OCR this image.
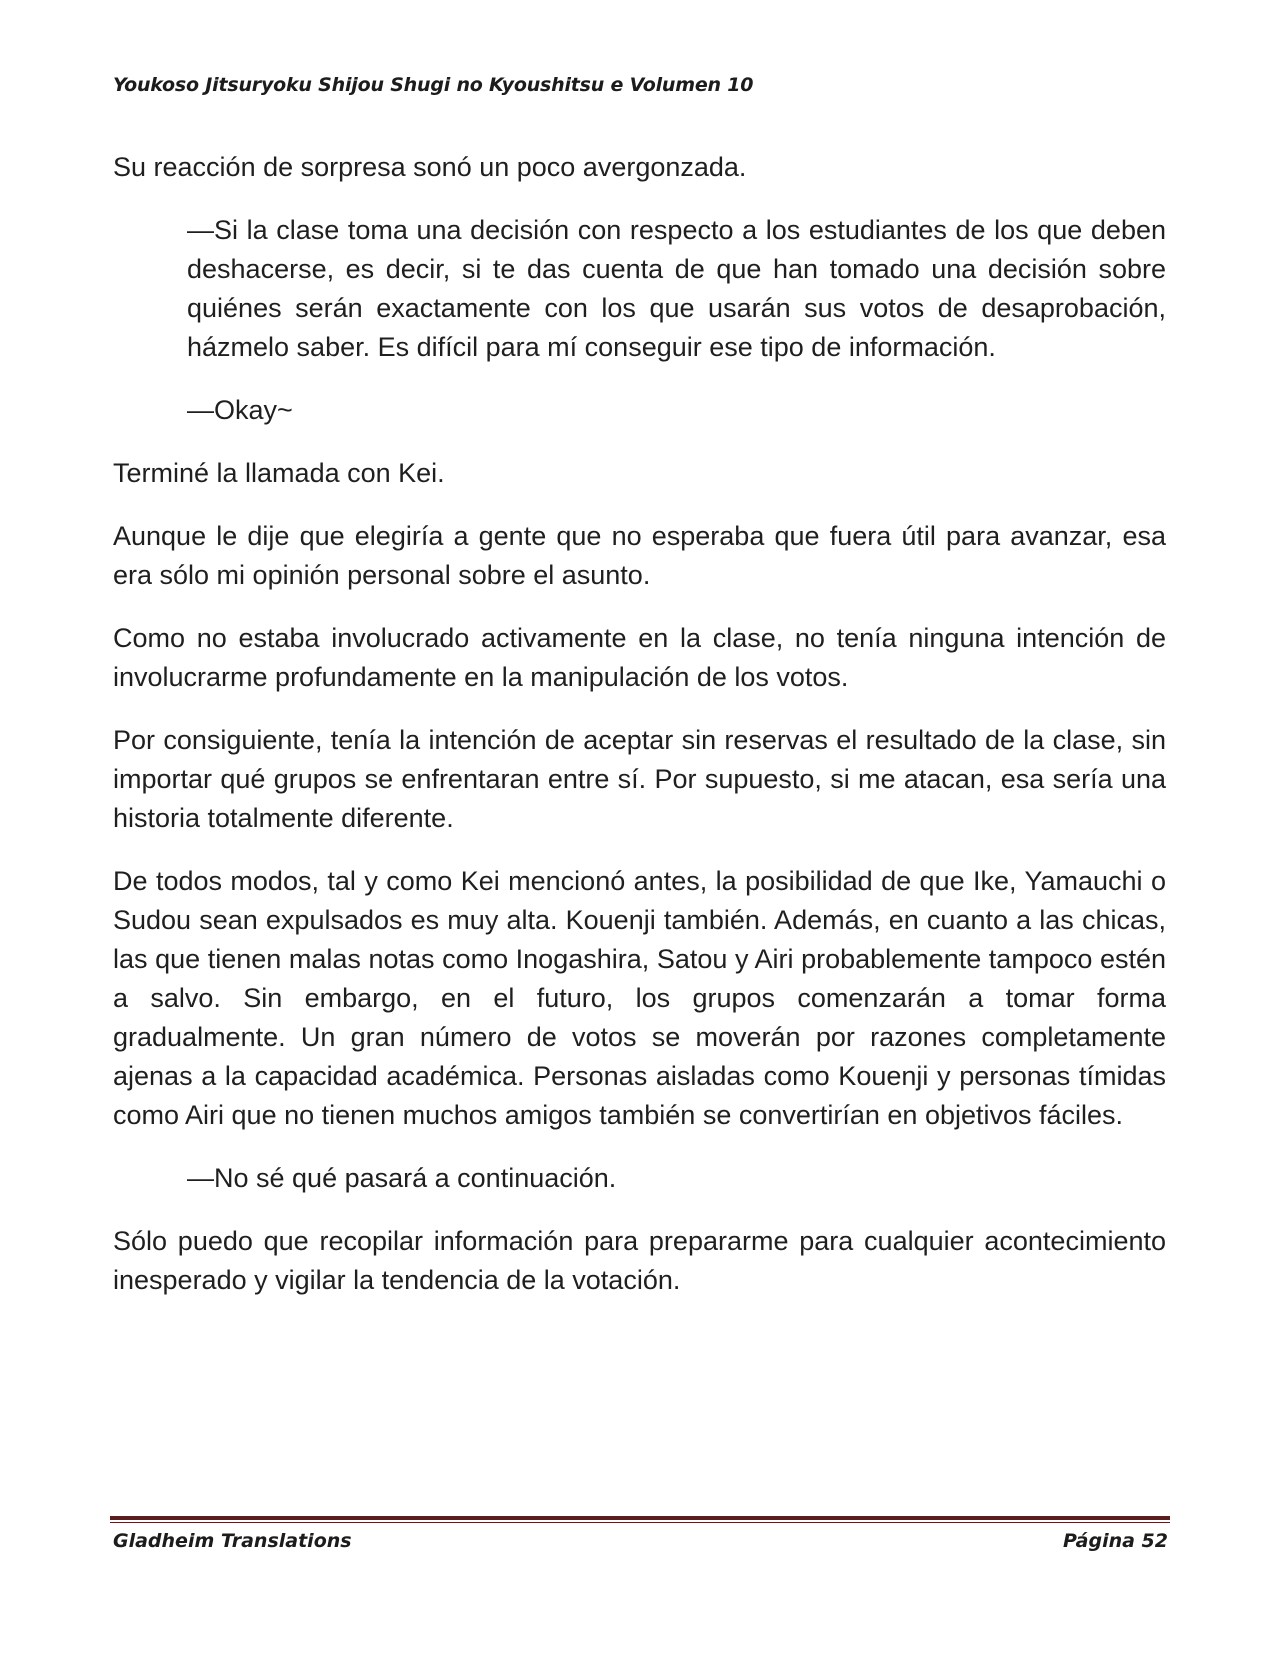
Youkoso Jitsuryoku Shijou Shugi no Kyoushitsu e Volumen 10

Su reacción de sorpresa sonó un poco avergonzada.

—Si la clase toma una decisión con respecto a los estudiantes de los que deben deshacerse, es decir, si te das cuenta de que han tomado una decisión sobre quiénes serán exactamente con los que usarán sus votos de desaprobación, házmelo saber. Es difícil para mí conseguir ese tipo de información.

—Okay~

Terminé la llamada con Kei.

Aunque le dije que elegiría a gente que no esperaba que fuera útil para avanzar, esa era sólo mi opinión personal sobre el asunto.

Como no estaba involucrado activamente en la clase, no tenía ninguna intención de involucrarme profundamente en la manipulación de los votos.

Por consiguiente, tenía la intención de aceptar sin reservas el resultado de la clase, sin importar qué grupos se enfrentaran entre sí. Por supuesto, si me atacan, esa sería una historia totalmente diferente.

De todos modos, tal y como Kei mencionó antes, la posibilidad de que Ike, Yamauchi o Sudou sean expulsados es muy alta. Kouenji también. Además, en cuanto a las chicas, las que tienen malas notas como Inogashira, Satou y Airi probablemente tampoco estén a salvo. Sin embargo, en el futuro, los grupos comenzarán a tomar forma gradualmente. Un gran número de votos se moverán por razones completamente ajenas a la capacidad académica. Personas aisladas como Kouenji y personas tímidas como Airi que no tienen muchos amigos también se convertirían en objetivos fáciles.

—No sé qué pasará a continuación.

Sólo puedo que recopilar información para prepararme para cualquier acontecimiento inesperado y vigilar la tendencia de la votación.

Gladheim Translations	Página 52
